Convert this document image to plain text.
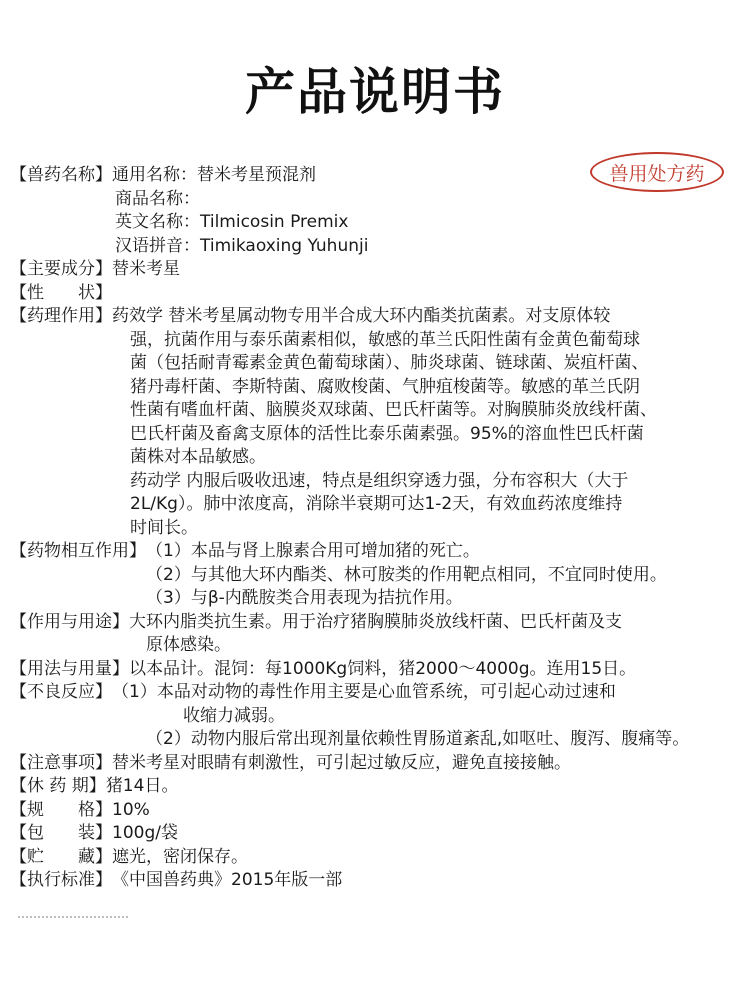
产品说明书
兽用处方药
【兽药名称】 通用名称：替米考星预混剂
商品名称：
英文名称：Tilmicosin Premix
汉语拼音：Timikaoxing Yuhunji
【主要成分】 替米考星
【性　　状】
【药理作用】 药效学 替米考星属动物专用半合成大环内酯类抗菌素。对支原体较
强，抗菌作用与泰乐菌素相似，敏感的革兰氏阳性菌有金黄色葡萄球
菌（包括耐青霉素金黄色葡萄球菌）、肺炎球菌、链球菌、炭疽杆菌、
猪丹毒杆菌、李斯特菌、腐败梭菌、气肿疽梭菌等。敏感的革兰氏阴
性菌有嗜血杆菌、脑膜炎双球菌、巴氏杆菌等。对胸膜肺炎放线杆菌、
巴氏杆菌及畜禽支原体的活性比泰乐菌素强。95%的溶血性巴氏杆菌
菌株对本品敏感。
药动学 内服后吸收迅速，特点是组织穿透力强，分布容积大（大于
2L/Kg）。肺中浓度高，消除半衰期可达1-2天，有效血药浓度维持
时间长。
【药物相互作用】 （1）本品与肾上腺素合用可增加猪的死亡。
（2）与其他大环内酯类、林可胺类的作用靶点相同，不宜同时使用。
（3）与β-内酰胺类合用表现为拮抗作用。
【作用与用途】 大环内脂类抗生素。用于治疗猪胸膜肺炎放线杆菌、巴氏杆菌及支
原体感染。
【用法与用量】 以本品计。混饲：每1000Kg饲料，猪2000～4000g。连用15日。
【不良反应】 （1）本品对动物的毒性作用主要是心血管系统，可引起心动过速和
收缩力减弱。
（2）动物内服后常出现剂量依赖性胃肠道紊乱,如呕吐、腹泻、腹痛等。
【注意事项】 替米考星对眼睛有刺激性，可引起过敏反应，避免直接接触。
【休 药 期】 猪14日。
【规　　格】 10%
【包　　装】 100g/袋
【贮　　藏】 遮光，密闭保存。
【执行标准】 《中国兽药典》2015年版一部
